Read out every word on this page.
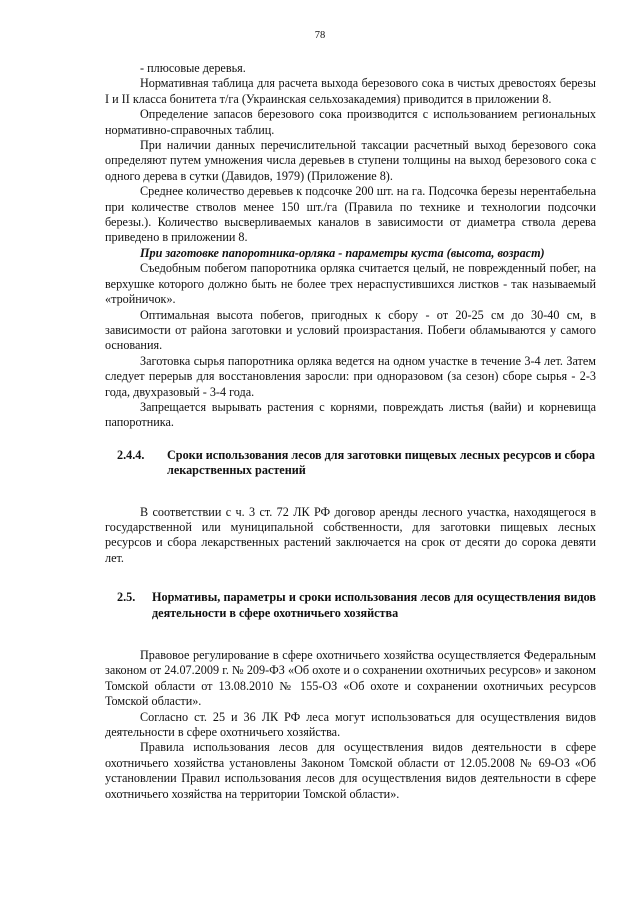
78

- плюсовые деревья.

Нормативная таблица для расчета выхода березового сока в чистых древостоях березы I и II класса бонитета т/га (Украинская сельхозакадемия) приводится в приложении 8.

Определение запасов березового сока производится с использованием региональных нормативно-справочных таблиц.

При наличии данных перечислительной таксации расчетный выход березового сока определяют путем умножения числа деревьев в ступени толщины на выход березового сока с одного дерева в сутки (Давидов, 1979) (Приложение 8).

Среднее количество деревьев к подсочке 200 шт. на га. Подсочка березы нерентабельна при количестве стволов менее 150 шт./га (Правила по технике и технологии подсочки березы.). Количество высверливаемых каналов в зависимости от диаметра ствола дерева приведено в приложении 8.

При заготовке папоротника-орляка - параметры куста (высота, возраст)

Съедобным побегом папоротника орляка считается целый, не поврежденный побег, на верхушке которого должно быть не более трех нераспустившихся листков - так называемый «тройничок».

Оптимальная высота побегов, пригодных к сбору - от 20-25 см до 30-40 см, в зависимости от района заготовки и условий произрастания. Побеги обламываются у самого основания.

Заготовка сырья папоротника орляка ведется на одном участке в течение 3-4 лет. Затем следует перерыв для восстановления заросли: при одноразовом (за сезон) сборе сырья - 2-3 года, двухразовый - 3-4 года.

Запрещается вырывать растения с корнями, повреждать листья (вайи) и корневища папоротника.

2.4.4.	Сроки использования лесов для заготовки пищевых лесных ресурсов и сбора лекарственных растений

В соответствии с ч. 3 ст. 72 ЛК РФ договор аренды лесного участка, находящегося в государственной или муниципальной собственности, для заготовки пищевых лесных ресурсов и сбора лекарственных растений заключается на срок от десяти до сорока девяти лет.

2.5.	Нормативы, параметры и сроки использования лесов для осуществления видов деятельности в сфере охотничьего хозяйства

Правовое регулирование в сфере охотничьего хозяйства осуществляется Федеральным законом от 24.07.2009 г. № 209-ФЗ «Об охоте и о сохранении охотничьих ресурсов» и законом Томской области от 13.08.2010 № 155-ОЗ «Об охоте и сохранении охотничьих ресурсов Томской области».

Согласно ст. 25 и 36 ЛК РФ леса могут использоваться для осуществления видов деятельности в сфере охотничьего хозяйства.

Правила использования лесов для осуществления видов деятельности в сфере охотничьего хозяйства установлены Законом Томской области от 12.05.2008 № 69-ОЗ «Об установлении Правил использования лесов для осуществления видов деятельности в сфере охотничьего хозяйства на территории Томской области».
